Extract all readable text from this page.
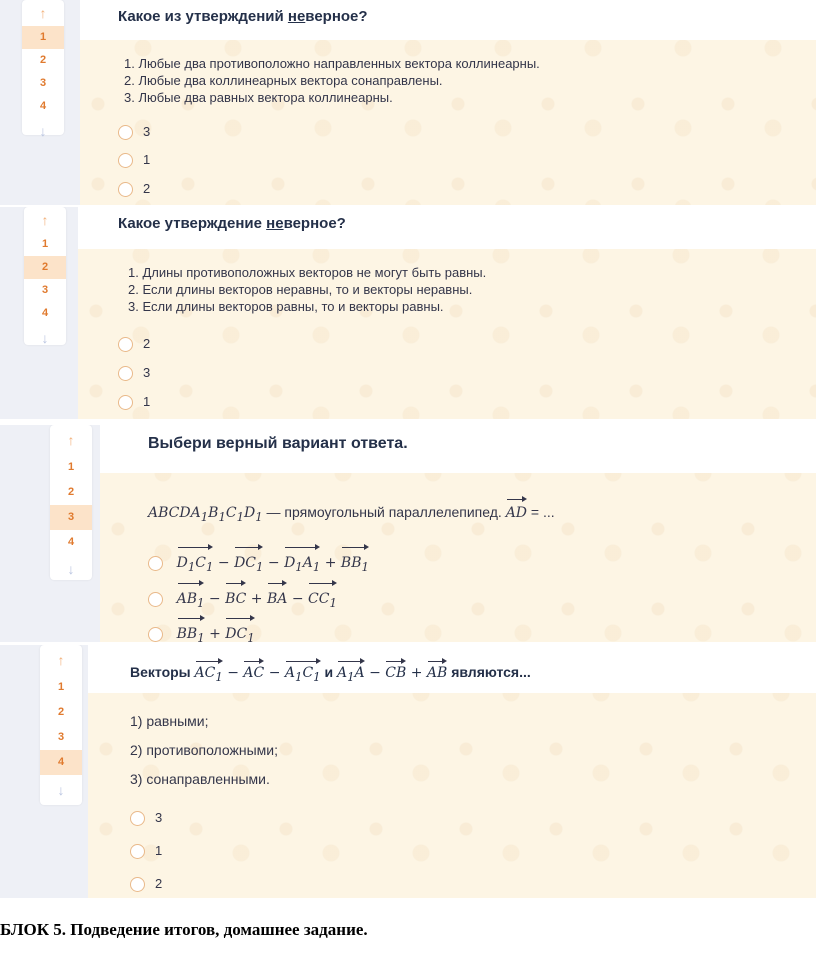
↑
1
2
3
4
↓
Какое из утверждений неверное?
1. Любые два противоположно направленных вектора коллинеарны.
2. Любые два коллинеарных вектора сонаправлены.
3. Любые два равных вектора коллинеарны.
3
1
2
↑
1
2
3
4
↓
Какое утверждение неверное?
1. Длины противоположных векторов не могут быть равны.
2. Если длины векторов неравны, то и векторы неравны.
3. Если длины векторов равны, то и векторы равны.
2
3
1
↑
1
2
3
4
↓
Выбери верный вариант ответа.
$ABCDA_1B_1C_1D_1$ — прямоугольный параллелепипед. AD = ...
$D_1C_1 - DC_1 - D_1A_1 + BB_1$
$AB_1$ − BC + BA − $CC_1$
$BB_1 + DC_1$
↑
1
2
3
4
↓
Векторы $AC_1$ − AC − $A_1C_1$ и $A_1A$ − CB + AB являются...
1) равными;
2) противоположными;
3) сонаправленными.
3
1
2
БЛОК 5. Подведение итогов, домашнее задание.
